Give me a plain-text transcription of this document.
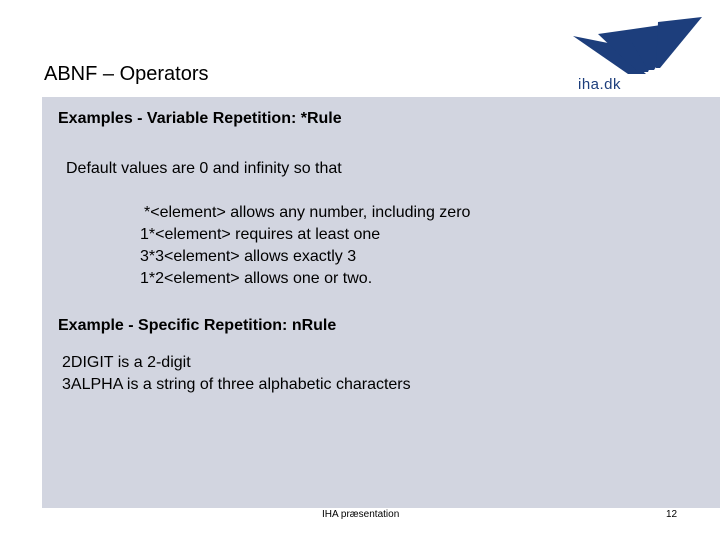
ABNF – Operators	iha.dk
Examples - Variable Repetition: *Rule
Default values are 0 and infinity so that
*<element> allows any number, including zero
1*<element> requires at least one
3*3<element> allows exactly 3
1*2<element> allows one or two.
Example - Specific Repetition: nRule
2DIGIT is a 2-digit
3ALPHA is a string of three alphabetic characters
IHA præsentation	12
